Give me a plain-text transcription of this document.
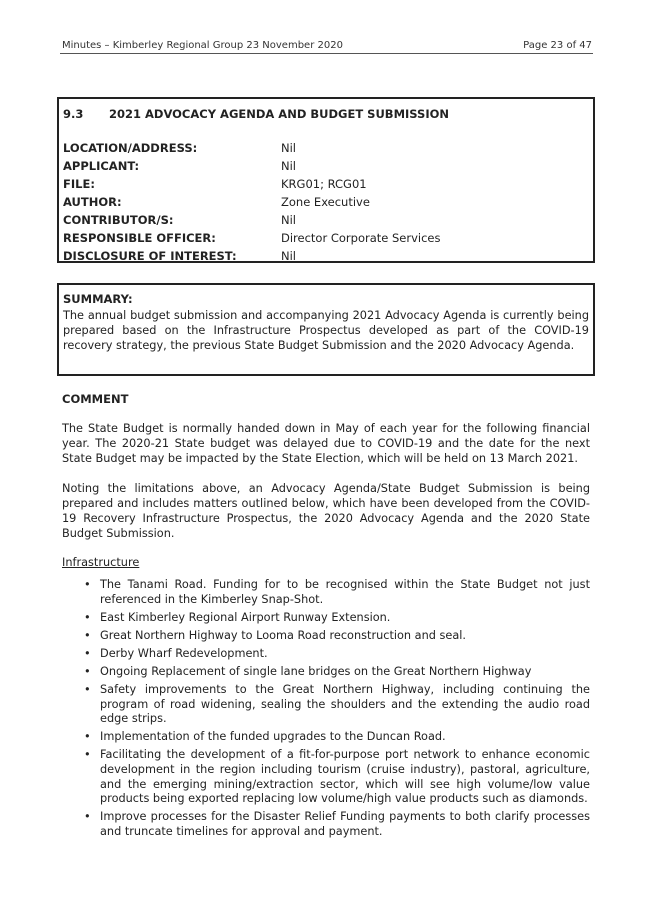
Minutes – Kimberley Regional Group 23 November 2020	Page 23 of 47
9.3 2021 ADVOCACY AGENDA AND BUDGET SUBMISSION
LOCATION/ADDRESS:	Nil
APPLICANT:	Nil
FILE:	KRG01; RCG01
AUTHOR:	Zone Executive
CONTRIBUTOR/S:	Nil
RESPONSIBLE OFFICER:	Director Corporate Services
DISCLOSURE OF INTEREST:	Nil
SUMMARY:
The annual budget submission and accompanying 2021 Advocacy Agenda is currently being prepared based on the Infrastructure Prospectus developed as part of the COVID-19 recovery strategy, the previous State Budget Submission and the 2020 Advocacy Agenda.
COMMENT

The State Budget is normally handed down in May of each year for the following financial year. The 2020-21 State budget was delayed due to COVID-19 and the date for the next State Budget may be impacted by the State Election, which will be held on 13 March 2021.

Noting the limitations above, an Advocacy Agenda/State Budget Submission is being prepared and includes matters outlined below, which have been developed from the COVID-19 Recovery Infrastructure Prospectus, the 2020 Advocacy Agenda and the 2020 State Budget Submission.

Infrastructure
• The Tanami Road. Funding for to be recognised within the State Budget not just referenced in the Kimberley Snap-Shot.
• East Kimberley Regional Airport Runway Extension.
• Great Northern Highway to Looma Road reconstruction and seal.
• Derby Wharf Redevelopment.
• Ongoing Replacement of single lane bridges on the Great Northern Highway
• Safety improvements to the Great Northern Highway, including continuing the program of road widening, sealing the shoulders and the extending the audio road edge strips.
• Implementation of the funded upgrades to the Duncan Road.
• Facilitating the development of a fit-for-purpose port network to enhance economic development in the region including tourism (cruise industry), pastoral, agriculture, and the emerging mining/extraction sector, which will see high volume/low value products being exported replacing low volume/high value products such as diamonds.
• Improve processes for the Disaster Relief Funding payments to both clarify processes and truncate timelines for approval and payment.
